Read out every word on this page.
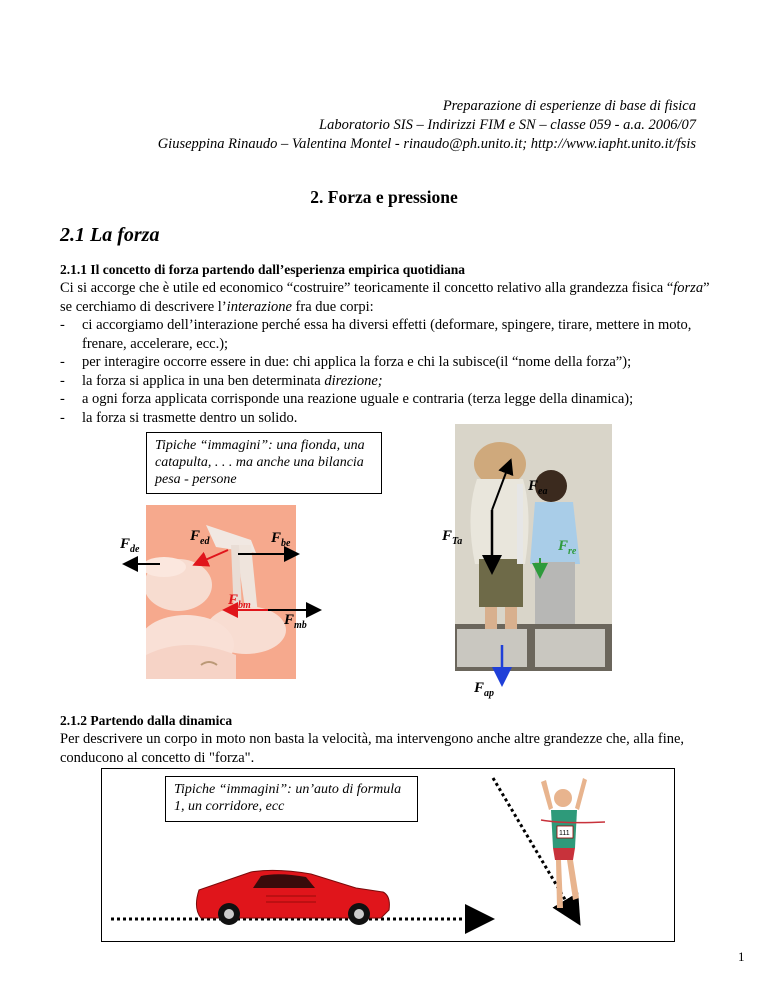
Preparazione di esperienze di base di fisica
Laboratorio SIS – Indirizzi FIM e SN – classe 059 - a.a. 2006/07
Giuseppina Rinaudo – Valentina Montel - rinaudo@ph.unito.it; http://www.iapht.unito.it/fsis
2. Forza e pressione
2.1 La forza
2.1.1 Il concetto di forza partendo dall’esperienza empirica quotidiana
Ci si accorge che è utile ed economico “costruire” teoricamente il concetto relativo alla grandezza fisica “forza” se cerchiamo di descrivere l’interazione fra due corpi:
- ci accorgiamo dell’interazione perché essa ha diversi effetti (deformare, spingere, tirare, mettere in moto, frenare, accelerare, ecc.);
- per interagire occorre essere in due: chi applica la forza e chi la subisce(il “nome della forza”);
- la forza si applica in una ben determinata direzione;
- a ogni forza applicata corrisponde una reazione uguale e contraria (terza legge della dinamica);
- la forza si trasmette dentro un solido.
Tipiche “immagini”: una fionda, una catapulta, . . . ma anche una bilancia pesa - persone
$F_{de}$
$F_{ed}$	$F_{be}$
$F_{bm}$
$F_{mb}$
$F_{ea}$
$F_{Ta}$	$F_{re}$
$F_{ap}$
2.1.2 Partendo dalla dinamica
Per descrivere un corpo in moto non basta la velocità, ma intervengono anche altre grandezze che, alla fine, conducono al concetto di "forza".
Tipiche “immagini”: un’auto di formula 1, un corridore, ecc
111
1
